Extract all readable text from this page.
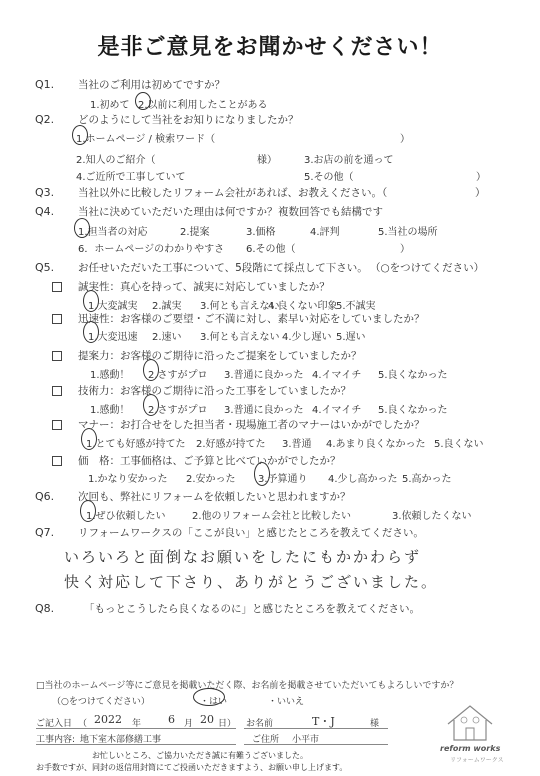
是非ご意見をお聞かせください！
Q1. 当社のご利用は初めてですか？
1.初めて 2.以前に利用したことがある
Q2. どのようにして当社をお知りになりましたか？
1.ホームページ / 検索ワード（	）
2.知人のご紹介（	様）	3.お店の前を通って
4.ご近所で工事していて	5.その他（	）
Q3. 当社以外に比較したリフォーム会社があれば、お教えください。（	）
Q4. 当社に決めていただいた理由は何ですか？ 複数回答でも結構です
1.担当者の対応	2.提案	3.価格	4.評判	5.当社の場所
6．ホームページのわかりやすさ 6.その他（	）
Q5. お任せいただいた工事について、5段階にて採点して下さい。 （○をつけてください）
誠実性：真心を持って、誠実に対応していましたか？
1.大変誠実 2.誠実 3.何とも言えない
4.良くない印象
5.不誠実
迅速性：お客様のご要望・ご不満に対し、素早い対応をしていましたか？
1.大変迅速 2.速い 3.何とも言えない 4.少し遅い 5.遅い
提案力：お客様のご期待に沿ったご提案をしていましたか？
1.感動！ 2.さすがプロ 3.普通に良かった 4.イマイチ 5.良くなかった
技術力：お客様のご期待に沿った工事をしていましたか？
1.感動！ 2.さすがプロ 3.普通に良かった 4.イマイチ 5.良くなかった
マナー：お打合せをした担当者・現場施工者のマナーはいかがでしたか？
1.とても好感が持てた 2.好感が持てた 3.普通 4.あまり良くなかった 5.良くない
価　格：工事価格は、ご予算と比べていかがでしたか？
1.かなり安かった 2.安かった 3.予算通り 4.少し高かった 5.高かった
Q6. 次回も、弊社にリフォームを依頼したいと思われますか？
1.ぜひ依頼したい	2.他のリフォーム会社と比較したい	3.依頼したくない
Q7. リフォームワークスの「ここが良い」と感じたところを教えてください。
いろいろと面倒なお願いをしたにもかかわらず
快く対応して下さり、ありがとうございました。
Q8.	「もっとこうしたら良くなるのに」と感じたところを教えてください。
□当社のホームページ等にご意見を掲載いただく際、お名前を掲載させていただいてもよろしいですか？
（○をつけてください）	・はい	・いいえ
ご記入日 （ 2022 年 6 月 20 日） お名前	T・J	様
工事内容: 地下室木部修繕工事	ご住所 小平市
お忙しいところ、ご協力いただき誠に有難うございました。
お手数ですが、同封の返信用封筒にてご投函いただきますよう、お願い申し上げます。
reform works
リフォームワークス
